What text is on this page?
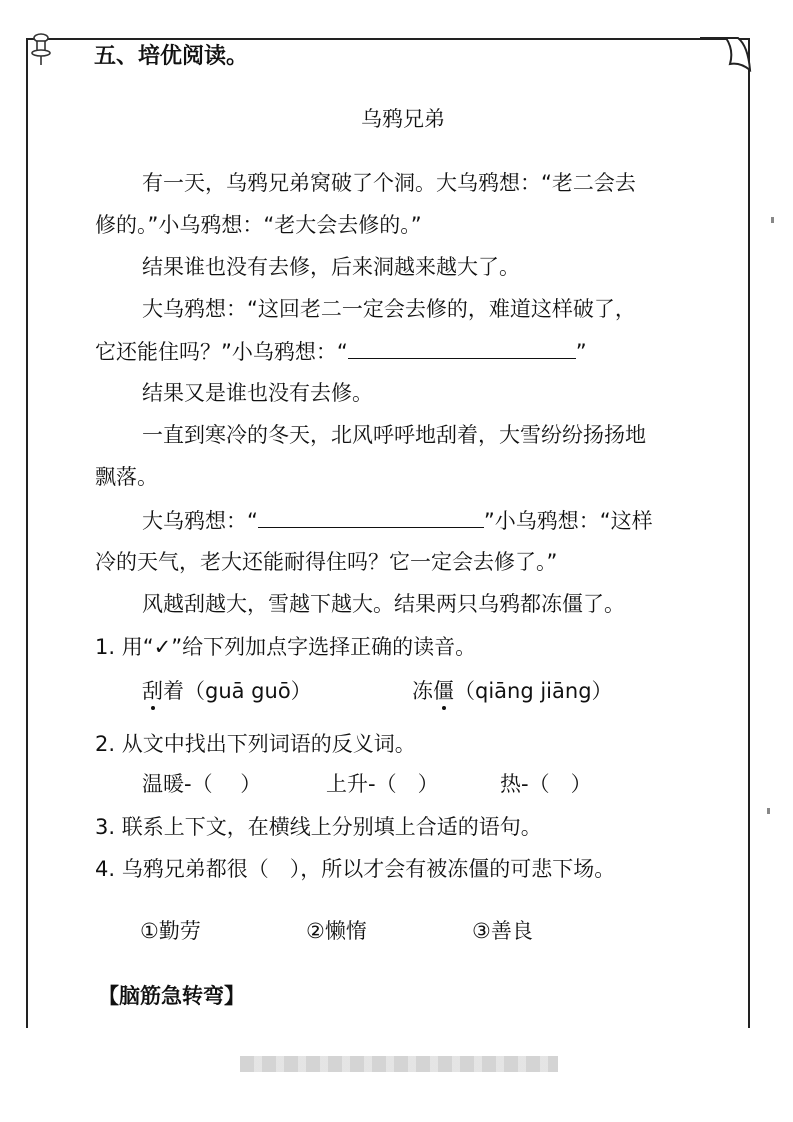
五、培优阅读。
乌鸦兄弟
有一天，乌鸦兄弟窝破了个洞。大乌鸦想：“老二会去
修的。”小乌鸦想：“老大会去修的。”
结果谁也没有去修，后来洞越来越大了。
大乌鸦想：“这回老二一定会去修的，难道这样破了，
它还能住吗？”小乌鸦想：“	”
结果又是谁也没有去修。
一直到寒冷的冬天，北风呼呼地刮着，大雪纷纷扬扬地
飘落。
大乌鸦想：“	”小乌鸦想：“这样
冷的天气，老大还能耐得住吗？它一定会去修了。”
风越刮越大，雪越下越大。结果两只乌鸦都冻僵了。
1. 用“✓”给下列加点字选择正确的读音。
刮着（guā guō）	冻僵（qiāng jiāng）
2. 从文中找出下列词语的反义词。
温暖-（　 ）	上升-（　）	热-（　）
3. 联系上下文，在横线上分别填上合适的语句。
4. 乌鸦兄弟都很（　），所以才会有被冻僵的可悲下场。
①勤劳	②懒惰	③善良
【脑筋急转弯】
